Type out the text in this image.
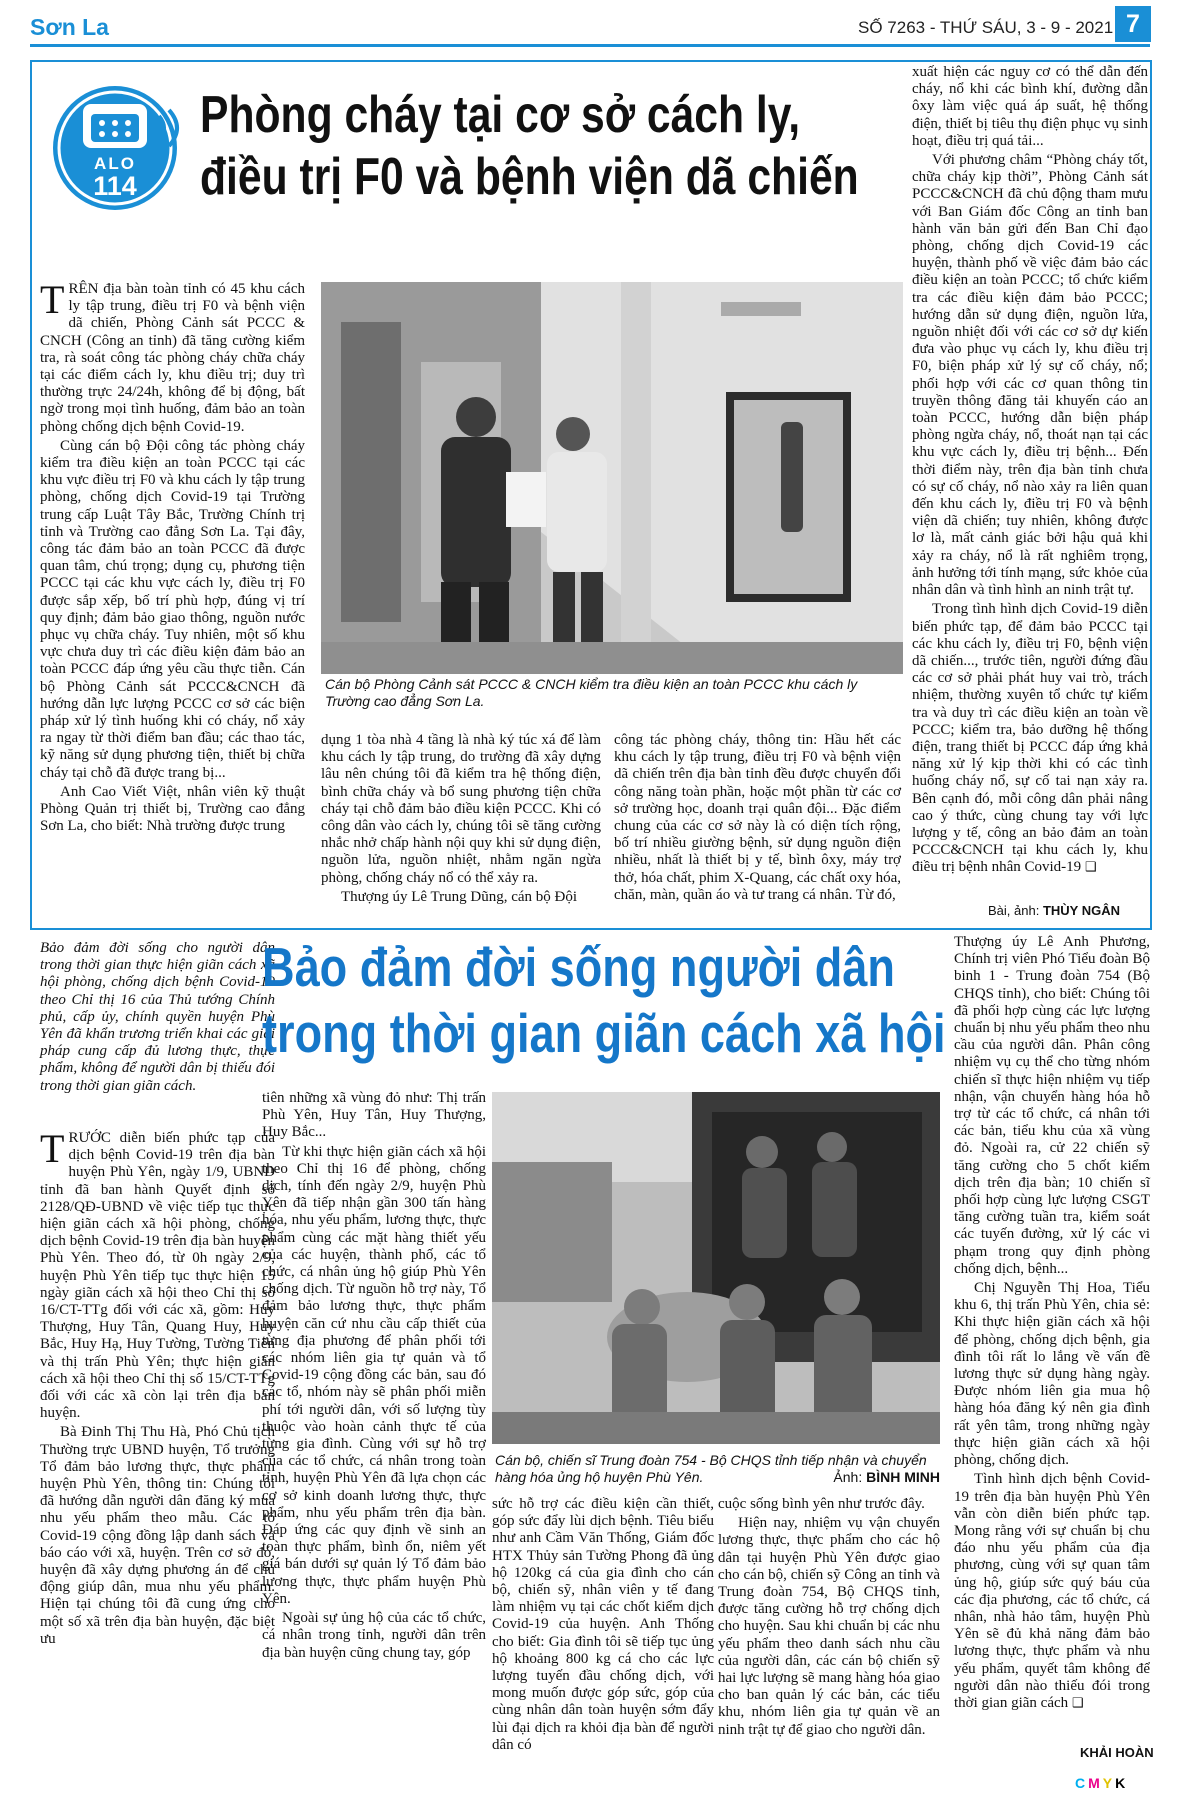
Sơn La	SỐ 7263 - THỨ SÁU, 3 - 9 - 2021 7
ALO
114
Phòng cháy tại cơ sở cách ly,
điều trị F0 và bệnh viện dã chiến

TRÊN địa bàn toàn tỉnh có 45 khu cách ly tập trung, điều trị F0 và bệnh viện dã chiến, Phòng Cảnh sát PCCC & CNCH (Công an tỉnh) đã tăng cường kiểm tra, rà soát công tác phòng cháy chữa cháy tại các điểm cách ly, khu điều trị; duy trì thường trực 24/24h, không để bị động, bất ngờ trong mọi tình huống, đảm bảo an toàn phòng chống dịch bệnh Covid-19.

Cùng cán bộ Đội công tác phòng cháy kiểm tra điều kiện an toàn PCCC tại các khu vực điều trị F0 và khu cách ly tập trung phòng, chống dịch Covid-19 tại Trường trung cấp Luật Tây Bắc, Trường Chính trị tỉnh và Trường cao đẳng Sơn La. Tại đây, công tác đảm bảo an toàn PCCC đã được quan tâm, chú trọng; dụng cụ, phương tiện PCCC tại các khu vực cách ly, điều trị F0 được sắp xếp, bố trí phù hợp, đúng vị trí quy định; đảm bảo giao thông, nguồn nước phục vụ chữa cháy. Tuy nhiên, một số khu vực chưa duy trì các điều kiện đảm bảo an toàn PCCC đáp ứng yêu cầu thực tiễn. Cán bộ Phòng Cảnh sát PCCC&CNCH đã hướng dẫn lực lượng PCCC cơ sở các biện pháp xử lý tình huống khi có cháy, nổ xảy ra ngay từ thời điểm ban đầu; các thao tác, kỹ năng sử dụng phương tiện, thiết bị chữa cháy tại chỗ đã được trang bị...

Anh Cao Viết Việt, nhân viên kỹ thuật Phòng Quản trị thiết bị, Trường cao đẳng Sơn La, cho biết: Nhà trường được trung

Cán bộ Phòng Cảnh sát PCCC & CNCH kiểm tra điều kiện an toàn PCCC khu cách ly Trường cao đẳng Sơn La.

dụng 1 tòa nhà 4 tầng là nhà ký túc xá để làm khu cách ly tập trung, do trường đã xây dựng lâu nên chúng tôi đã kiểm tra hệ thống điện, bình chữa cháy và bổ sung phương tiện chữa cháy tại chỗ đảm bảo điều kiện PCCC. Khi có công dân vào cách ly, chúng tôi sẽ tăng cường nhắc nhở chấp hành nội quy khi sử dụng điện, nguồn lửa, nguồn nhiệt, nhằm ngăn ngừa phòng, chống cháy nổ có thể xảy ra.

Thượng úy Lê Trung Dũng, cán bộ Đội

công tác phòng cháy, thông tin: Hầu hết các khu cách ly tập trung, điều trị F0 và bệnh viện dã chiến trên địa bàn tỉnh đều được chuyển đổi công năng toàn phần, hoặc một phần từ các cơ sở trường học, doanh trại quân đội... Đặc điểm chung của các cơ sở này là có diện tích rộng, bố trí nhiều giường bệnh, sử dụng nguồn điện nhiều, nhất là thiết bị y tế, bình ôxy, máy trợ thở, hóa chất, phim X-Quang, các chất oxy hóa, chăn, màn, quần áo và tư trang cá nhân. Từ đó,

xuất hiện các nguy cơ có thể dẫn đến cháy, nổ khi các bình khí, đường dẫn ôxy làm việc quá áp suất, hệ thống điện, thiết bị tiêu thụ điện phục vụ sinh hoạt, điều trị quá tải...

Với phương châm “Phòng cháy tốt, chữa cháy kịp thời”, Phòng Cảnh sát PCCC&CNCH đã chủ động tham mưu với Ban Giám đốc Công an tỉnh ban hành văn bản gửi đến Ban Chỉ đạo phòng, chống dịch Covid-19 các huyện, thành phố về việc đảm bảo các điều kiện an toàn PCCC; tổ chức kiểm tra các điều kiện đảm bảo PCCC; hướng dẫn sử dụng điện, nguồn lửa, nguồn nhiệt đối với các cơ sở dự kiến đưa vào phục vụ cách ly, khu điều trị F0, biện pháp xử lý sự cố cháy, nổ; phối hợp với các cơ quan thông tin truyền thông đăng tải khuyến cáo an toàn PCCC, hướng dẫn biện pháp phòng ngừa cháy, nổ, thoát nạn tại các khu vực cách ly, điều trị bệnh... Đến thời điểm này, trên địa bàn tỉnh chưa có sự cố cháy, nổ nào xảy ra liên quan đến khu cách ly, điều trị F0 và bệnh viện dã chiến; tuy nhiên, không được lơ là, mất cảnh giác bởi hậu quả khi xảy ra cháy, nổ là rất nghiêm trọng, ảnh hưởng tới tính mạng, sức khỏe của nhân dân và tình hình an ninh trật tự.

Trong tình hình dịch Covid-19 diễn biến phức tạp, để đảm bảo PCCC tại các khu cách ly, điều trị F0, bệnh viện dã chiến..., trước tiên, người đứng đầu các cơ sở phải phát huy vai trò, trách nhiệm, thường xuyên tổ chức tự kiểm tra và duy trì các điều kiện an toàn về PCCC; kiểm tra, bảo dưỡng hệ thống điện, trang thiết bị PCCC đáp ứng khả năng xử lý kịp thời khi có các tình huống cháy nổ, sự cố tai nạn xảy ra. Bên cạnh đó, mỗi công dân phải nâng cao ý thức, cùng chung tay với lực lượng y tế, công an bảo đảm an toàn PCCC&CNCH tại khu cách ly, khu điều trị bệnh nhân Covid-19 ❑

Bài, ảnh: THÙY NGÂN

Bảo đảm đời sống cho người dân trong thời gian thực hiện giãn cách xã hội phòng, chống dịch bệnh Covid-19 theo Chỉ thị 16 của Thủ tướng Chính phủ, cấp ủy, chính quyền huyện Phù Yên đã khẩn trương triển khai các giải pháp cung cấp đủ lương thực, thực phẩm, không để người dân bị thiếu đói trong thời gian giãn cách.

Bảo đảm đời sống người dân
trong thời gian giãn cách xã hội

TRƯỚC diễn biến phức tạp của dịch bệnh Covid-19 trên địa bàn huyện Phù Yên, ngày 1/9, UBND tỉnh đã ban hành Quyết định số 2128/QĐ-UBND về việc tiếp tục thực hiện giãn cách xã hội phòng, chống dịch bệnh Covid-19 trên địa bàn huyện Phù Yên. Theo đó, từ 0h ngày 2/9, huyện Phù Yên tiếp tục thực hiện 15 ngày giãn cách xã hội theo Chỉ thị số 16/CT-TTg đối với các xã, gồm: Huy Thượng, Huy Tân, Quang Huy, Huy Bắc, Huy Hạ, Huy Tường, Tường Tiến và thị trấn Phù Yên; thực hiện giãn cách xã hội theo Chỉ thị số 15/CT-TTg đối với các xã còn lại trên địa bàn huyện.

Bà Đinh Thị Thu Hà, Phó Chủ tịch Thường trực UBND huyện, Tổ trưởng Tổ đảm bảo lương thực, thực phẩm huyện Phù Yên, thông tin: Chúng tôi đã hướng dẫn người dân đăng ký mua nhu yếu phẩm theo mẫu. Các tổ Covid-19 cộng đồng lập danh sách và báo cáo với xã, huyện. Trên cơ sở đó, huyện đã xây dựng phương án để chủ động giúp dân, mua nhu yếu phẩm. Hiện tại chúng tôi đã cung ứng cho một số xã trên địa bàn huyện, đặc biệt ưu

tiên những xã vùng đỏ như: Thị trấn Phù Yên, Huy Tân, Huy Thượng, Huy Bắc...

Từ khi thực hiện giãn cách xã hội theo Chỉ thị 16 để phòng, chống dịch, tính đến ngày 2/9, huyện Phù Yên đã tiếp nhận gần 300 tấn hàng hóa, nhu yếu phẩm, lương thực, thực phẩm cùng các mặt hàng thiết yếu của các huyện, thành phố, các tổ chức, cá nhân ủng hộ giúp Phù Yên chống dịch. Từ nguồn hỗ trợ này, Tổ đảm bảo lương thực, thực phẩm huyện căn cứ nhu cầu cấp thiết của từng địa phương để phân phối tới các nhóm liên gia tự quản và tổ Covid-19 cộng đồng các bản, sau đó các tổ, nhóm này sẽ phân phối miễn phí tới người dân, với số lượng tùy thuộc vào hoàn cảnh thực tế của từng gia đình. Cùng với sự hỗ trợ của các tổ chức, cá nhân trong toàn tỉnh, huyện Phù Yên đã lựa chọn các cơ sở kinh doanh lương thực, thực phẩm, nhu yếu phẩm trên địa bàn. Đáp ứng các quy định về sinh an toàn thực phẩm, bình ổn, niêm yết giá bán dưới sự quản lý Tổ đảm bảo lương thực, thực phẩm huyện Phù Yên.

Ngoài sự ủng hộ của các tổ chức, cá nhân trong tỉnh, người dân trên địa bàn huyện cũng chung tay, góp

Cán bộ, chiến sĩ Trung đoàn 754 - Bộ CHQS tỉnh tiếp nhận và chuyển hàng hóa ủng hộ huyện Phù Yên.	Ảnh: BÌNH MINH

sức hỗ trợ các điều kiện cần thiết, góp sức đẩy lùi dịch bệnh. Tiêu biểu như anh Cầm Văn Thống, Giám đốc HTX Thủy sản Tường Phong đã ủng hộ 120kg cá của gia đình cho cán bộ, chiến sỹ, nhân viên y tế đang làm nhiệm vụ tại các chốt kiểm dịch Covid-19 của huyện. Anh Thống cho biết: Gia đình tôi sẽ tiếp tục ủng hộ khoảng 800 kg cá cho các lực lượng tuyến đầu chống dịch, với mong muốn được góp sức, góp của cùng nhân dân toàn huyện sớm đẩy lùi đại dịch ra khỏi địa bàn để người dân có

cuộc sống bình yên như trước đây.

Hiện nay, nhiệm vụ vận chuyển lương thực, thực phẩm cho các hộ dân tại huyện Phù Yên được giao cho cán bộ, chiến sỹ Công an tỉnh và Trung đoàn 754, Bộ CHQS tỉnh, được tăng cường hỗ trợ chống dịch cho huyện. Sau khi chuẩn bị các nhu yếu phẩm theo danh sách nhu cầu của người dân, các cán bộ chiến sỹ hai lực lượng sẽ mang hàng hóa giao cho ban quản lý các bản, các tiểu khu, nhóm liên gia tự quản về an ninh trật tự để giao cho người dân.

Thượng úy Lê Anh Phương, Chính trị viên Phó Tiểu đoàn Bộ binh 1 - Trung đoàn 754 (Bộ CHQS tỉnh), cho biết: Chúng tôi đã phối hợp cùng các lực lượng chuẩn bị nhu yếu phẩm theo nhu cầu của người dân. Phân công nhiệm vụ cụ thể cho từng nhóm chiến sĩ thực hiện nhiệm vụ tiếp nhận, vận chuyển hàng hóa hỗ trợ từ các tổ chức, cá nhân tới các bản, tiểu khu của xã vùng đỏ. Ngoài ra, cử 22 chiến sỹ tăng cường cho 5 chốt kiểm dịch trên địa bàn; 10 chiến sĩ phối hợp cùng lực lượng CSGT tăng cường tuần tra, kiểm soát các tuyến đường, xử lý các vi phạm trong quy định phòng chống dịch, bệnh...

Chị Nguyễn Thị Hoa, Tiểu khu 6, thị trấn Phù Yên, chia sẻ: Khi thực hiện giãn cách xã hội để phòng, chống dịch bệnh, gia đình tôi rất lo lắng về vấn đề lương thực sử dụng hàng ngày. Được nhóm liên gia mua hộ hàng hóa đăng ký nên gia đình rất yên tâm, trong những ngày thực hiện giãn cách xã hội phòng, chống dịch.

Tình hình dịch bệnh Covid-19 trên địa bàn huyện Phù Yên vẫn còn diễn biến phức tạp. Mong rằng với sự chuẩn bị chu đáo nhu yếu phẩm của địa phương, cùng với sự quan tâm ủng hộ, giúp sức quý báu của các địa phương, các tổ chức, cá nhân, nhà hảo tâm, huyện Phù Yên sẽ đủ khả năng đảm bảo lương thực, thực phẩm và nhu yếu phẩm, quyết tâm không để người dân nào thiếu đói trong thời gian giãn cách ❑

KHẢI HOÀN
CMYK
